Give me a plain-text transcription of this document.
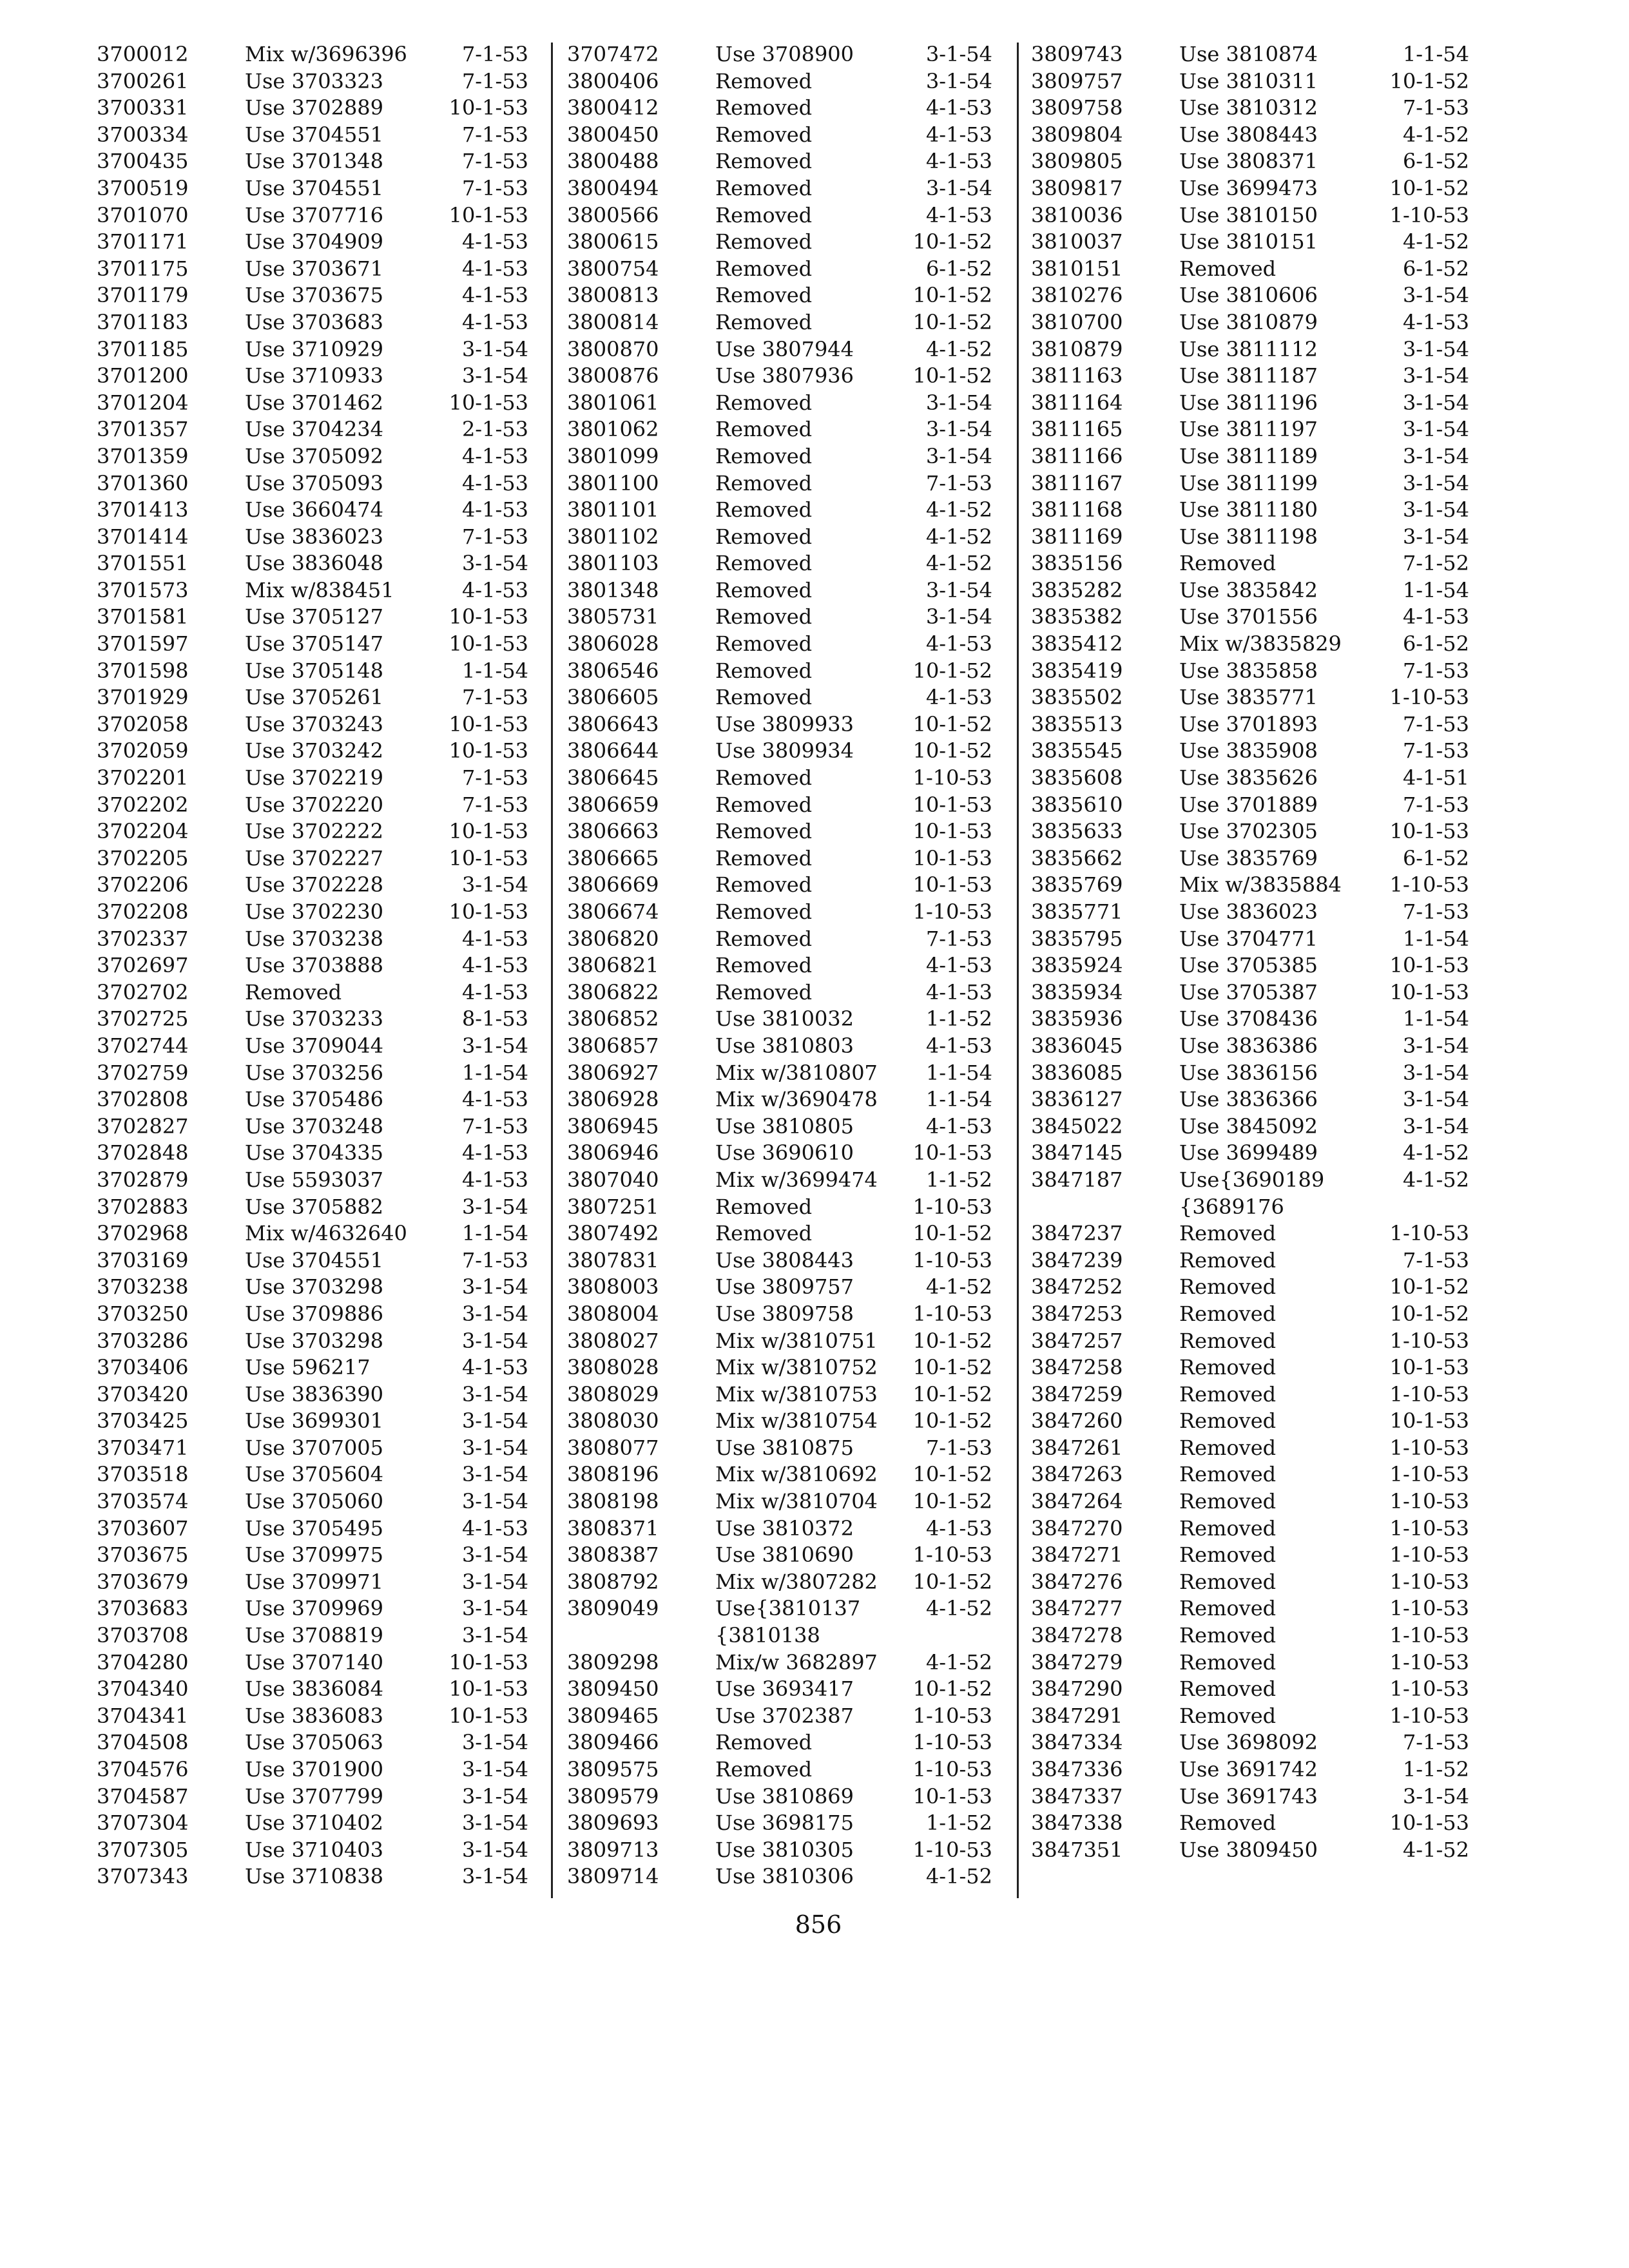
3700012	Mix w/3696396	7-1-53
3700261	Use 3703323	7-1-53
3700331	Use 3702889	10-1-53
3700334	Use 3704551	7-1-53
3700435	Use 3701348	7-1-53
3700519	Use 3704551	7-1-53
3701070	Use 3707716	10-1-53
3701171	Use 3704909	4-1-53
3701175	Use 3703671	4-1-53
3701179	Use 3703675	4-1-53
3701183	Use 3703683	4-1-53
3701185	Use 3710929	3-1-54
3701200	Use 3710933	3-1-54
3701204	Use 3701462	10-1-53
3701357	Use 3704234	2-1-53
3701359	Use 3705092	4-1-53
3701360	Use 3705093	4-1-53
3701413	Use 3660474	4-1-53
3701414	Use 3836023	7-1-53
3701551	Use 3836048	3-1-54
3701573	Mix w/838451	4-1-53
3701581	Use 3705127	10-1-53
3701597	Use 3705147	10-1-53
3701598	Use 3705148	1-1-54
3701929	Use 3705261	7-1-53
3702058	Use 3703243	10-1-53
3702059	Use 3703242	10-1-53
3702201	Use 3702219	7-1-53
3702202	Use 3702220	7-1-53
3702204	Use 3702222	10-1-53
3702205	Use 3702227	10-1-53
3702206	Use 3702228	3-1-54
3702208	Use 3702230	10-1-53
3702337	Use 3703238	4-1-53
3702697	Use 3703888	4-1-53
3702702	Removed	4-1-53
3702725	Use 3703233	8-1-53
3702744	Use 3709044	3-1-54
3702759	Use 3703256	1-1-54
3702808	Use 3705486	4-1-53
3702827	Use 3703248	7-1-53
3702848	Use 3704335	4-1-53
3702879	Use 5593037	4-1-53
3702883	Use 3705882	3-1-54
3702968	Mix w/4632640	1-1-54
3703169	Use 3704551	7-1-53
3703238	Use 3703298	3-1-54
3703250	Use 3709886	3-1-54
3703286	Use 3703298	3-1-54
3703406	Use 596217	4-1-53
3703420	Use 3836390	3-1-54
3703425	Use 3699301	3-1-54
3703471	Use 3707005	3-1-54
3703518	Use 3705604	3-1-54
3703574	Use 3705060	3-1-54
3703607	Use 3705495	4-1-53
3703675	Use 3709975	3-1-54
3703679	Use 3709971	3-1-54
3703683	Use 3709969	3-1-54
3703708	Use 3708819	3-1-54
3704280	Use 3707140	10-1-53
3704340	Use 3836084	10-1-53
3704341	Use 3836083	10-1-53
3704508	Use 3705063	3-1-54
3704576	Use 3701900	3-1-54
3704587	Use 3707799	3-1-54
3707304	Use 3710402	3-1-54
3707305	Use 3710403	3-1-54
3707343	Use 3710838	3-1-54
3707472	Use 3708900	3-1-54
3800406	Removed	3-1-54
3800412	Removed	4-1-53
3800450	Removed	4-1-53
3800488	Removed	4-1-53
3800494	Removed	3-1-54
3800566	Removed	4-1-53
3800615	Removed	10-1-52
3800754	Removed	6-1-52
3800813	Removed	10-1-52
3800814	Removed	10-1-52
3800870	Use 3807944	4-1-52
3800876	Use 3807936	10-1-52
3801061	Removed	3-1-54
3801062	Removed	3-1-54
3801099	Removed	3-1-54
3801100	Removed	7-1-53
3801101	Removed	4-1-52
3801102	Removed	4-1-52
3801103	Removed	4-1-52
3801348	Removed	3-1-54
3805731	Removed	3-1-54
3806028	Removed	4-1-53
3806546	Removed	10-1-52
3806605	Removed	4-1-53
3806643	Use 3809933	10-1-52
3806644	Use 3809934	10-1-52
3806645	Removed	1-10-53
3806659	Removed	10-1-53
3806663	Removed	10-1-53
3806665	Removed	10-1-53
3806669	Removed	10-1-53
3806674	Removed	1-10-53
3806820	Removed	7-1-53
3806821	Removed	4-1-53
3806822	Removed	4-1-53
3806852	Use 3810032	1-1-52
3806857	Use 3810803	4-1-53
3806927	Mix w/3810807	1-1-54
3806928	Mix w/3690478	1-1-54
3806945	Use 3810805	4-1-53
3806946	Use 3690610	10-1-53
3807040	Mix w/3699474	1-1-52
3807251	Removed	1-10-53
3807492	Removed	10-1-52
3807831	Use 3808443	1-10-53
3808003	Use 3809757	4-1-52
3808004	Use 3809758	1-10-53
3808027	Mix w/3810751	10-1-52
3808028	Mix w/3810752	10-1-52
3808029	Mix w/3810753	10-1-52
3808030	Mix w/3810754	10-1-52
3808077	Use 3810875	7-1-53
3808196	Mix w/3810692	10-1-52
3808198	Mix w/3810704	10-1-52
3808371	Use 3810372	4-1-53
3808387	Use 3810690	1-10-53
3808792	Mix w/3807282	10-1-52
3809049	Use{3810137	4-1-52
{3810138
3809298	Mix/w 3682897	4-1-52
3809450	Use 3693417	10-1-52
3809465	Use 3702387	1-10-53
3809466	Removed	1-10-53
3809575	Removed	1-10-53
3809579	Use 3810869	10-1-53
3809693	Use 3698175	1-1-52
3809713	Use 3810305	1-10-53
3809714	Use 3810306	4-1-52
3809743	Use 3810874	1-1-54
3809757	Use 3810311	10-1-52
3809758	Use 3810312	7-1-53
3809804	Use 3808443	4-1-52
3809805	Use 3808371	6-1-52
3809817	Use 3699473	10-1-52
3810036	Use 3810150	1-10-53
3810037	Use 3810151	4-1-52
3810151	Removed	6-1-52
3810276	Use 3810606	3-1-54
3810700	Use 3810879	4-1-53
3810879	Use 3811112	3-1-54
3811163	Use 3811187	3-1-54
3811164	Use 3811196	3-1-54
3811165	Use 3811197	3-1-54
3811166	Use 3811189	3-1-54
3811167	Use 3811199	3-1-54
3811168	Use 3811180	3-1-54
3811169	Use 3811198	3-1-54
3835156	Removed	7-1-52
3835282	Use 3835842	1-1-54
3835382	Use 3701556	4-1-53
3835412	Mix w/3835829	6-1-52
3835419	Use 3835858	7-1-53
3835502	Use 3835771	1-10-53
3835513	Use 3701893	7-1-53
3835545	Use 3835908	7-1-53
3835608	Use 3835626	4-1-51
3835610	Use 3701889	7-1-53
3835633	Use 3702305	10-1-53
3835662	Use 3835769	6-1-52
3835769	Mix w/3835884	1-10-53
3835771	Use 3836023	7-1-53
3835795	Use 3704771	1-1-54
3835924	Use 3705385	10-1-53
3835934	Use 3705387	10-1-53
3835936	Use 3708436	1-1-54
3836045	Use 3836386	3-1-54
3836085	Use 3836156	3-1-54
3836127	Use 3836366	3-1-54
3845022	Use 3845092	3-1-54
3847145	Use 3699489	4-1-52
3847187	Use{3690189	4-1-52
{3689176
3847237	Removed	1-10-53
3847239	Removed	7-1-53
3847252	Removed	10-1-52
3847253	Removed	10-1-52
3847257	Removed	1-10-53
3847258	Removed	10-1-53
3847259	Removed	1-10-53
3847260	Removed	10-1-53
3847261	Removed	1-10-53
3847263	Removed	1-10-53
3847264	Removed	1-10-53
3847270	Removed	1-10-53
3847271	Removed	1-10-53
3847276	Removed	1-10-53
3847277	Removed	1-10-53
3847278	Removed	1-10-53
3847279	Removed	1-10-53
3847290	Removed	1-10-53
3847291	Removed	1-10-53
3847334	Use 3698092	7-1-53
3847336	Use 3691742	1-1-52
3847337	Use 3691743	3-1-54
3847338	Removed	10-1-53
3847351	Use 3809450	4-1-52
856
